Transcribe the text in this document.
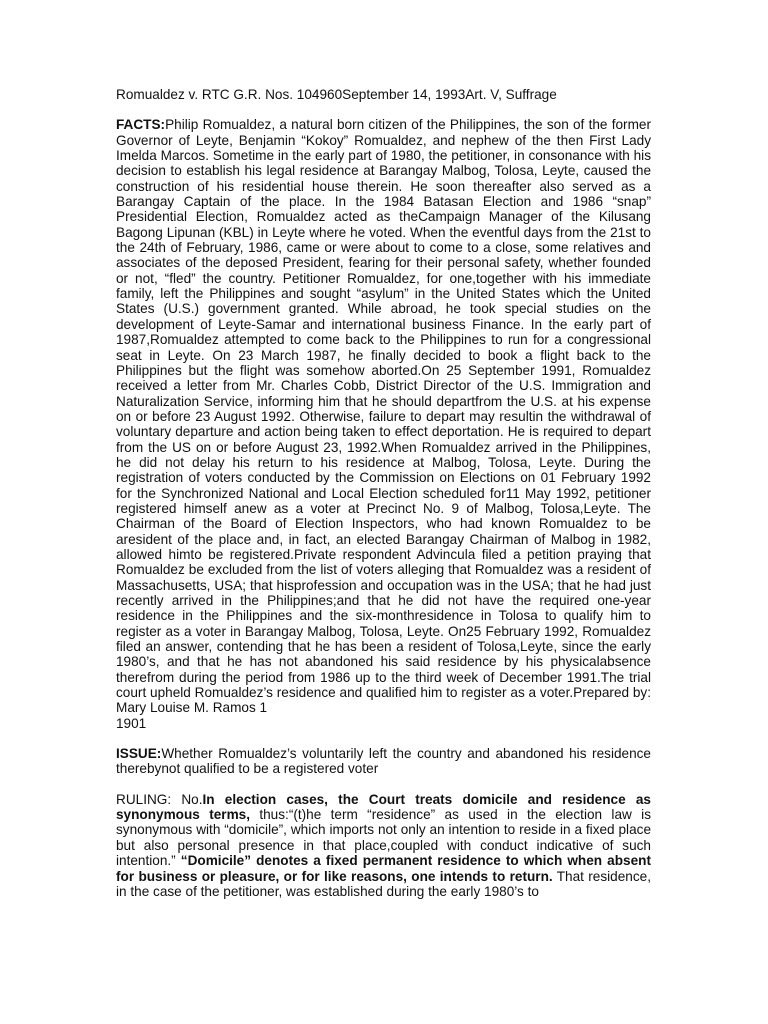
Romualdez v. RTC G.R. Nos. 104960September 14, 1993Art. V, Suffrage

FACTS:Philip Romualdez, a natural born citizen of the Philippines, the son of the former Governor of Leyte, Benjamin “Kokoy” Romualdez, and nephew of the then First Lady Imelda Marcos. Sometime in the early part of 1980, the petitioner, in consonance with his decision to establish his legal residence at Barangay Malbog, Tolosa, Leyte, caused the construction of his residential house therein. He soon thereafter also served as a Barangay Captain of the place. In the 1984 Batasan Election and 1986 “snap” Presidential Election, Romualdez acted as theCampaign Manager of the Kilusang Bagong Lipunan (KBL) in Leyte where he voted. When the eventful days from the 21st to the 24th of February, 1986, came or were about to come to a close, some relatives and associates of the deposed President, fearing for their personal safety, whether founded or not, “fled” the country. Petitioner Romualdez, for one,together with his immediate family, left the Philippines and sought “asylum” in the United States which the United States (U.S.) government granted. While abroad, he took special studies on the development of Leyte-Samar and international business Finance. In the early part of 1987,Romualdez attempted to come back to the Philippines to run for a congressional seat in Leyte. On 23 March 1987, he finally decided to book a flight back to the Philippines but the flight was somehow aborted.On 25 September 1991, Romualdez received a letter from Mr. Charles Cobb, District Director of the U.S. Immigration and Naturalization Service, informing him that he should departfrom the U.S. at his expense on or before 23 August 1992. Otherwise, failure to depart may resultin the withdrawal of voluntary departure and action being taken to effect deportation. He is required to depart from the US on or before August 23, 1992.When Romualdez arrived in the Philippines, he did not delay his return to his residence at Malbog, Tolosa, Leyte. During the registration of voters conducted by the Commission on Elections on 01 February 1992 for the Synchronized National and Local Election scheduled for11 May 1992, petitioner registered himself anew as a voter at Precinct No. 9 of Malbog, Tolosa,Leyte. The Chairman of the Board of Election Inspectors, who had known Romualdez to be aresident of the place and, in fact, an elected Barangay Chairman of Malbog in 1982, allowed himto be registered.Private respondent Advincula filed a petition praying that Romualdez be excluded from the list of voters alleging that Romualdez was a resident of Massachusetts, USA; that hisprofession and occupation was in the USA; that he had just recently arrived in the Philippines;and that he did not have the required one-year residence in the Philippines and the six-monthresidence in Tolosa to qualify him to register as a voter in Barangay Malbog, Tolosa, Leyte. On25 February 1992, Romualdez filed an answer, contending that he has been a resident of Tolosa,Leyte, since the early 1980’s, and that he has not abandoned his said residence by his physicalabsence therefrom during the period from 1986 up to the third week of December 1991.The trial court upheld Romualdez’s residence and qualified him to register as a voter.Prepared by: Mary Louise M. Ramos 1

1901

ISSUE:Whether Romualdez’s voluntarily left the country and abandoned his residence therebynot qualified to be a registered voter

RULING: No.In election cases, the Court treats domicile and residence as synonymous terms, thus:“(t)he term “residence” as used in the election law is synonymous with “domicile”, which imports not only an intention to reside in a fixed place but also personal presence in that place,coupled with conduct indicative of such intention.” “Domicile” denotes a fixed permanent residence to which when absent for business or pleasure, or for like reasons, one intends to return. That residence, in the case of the petitioner, was established during the early 1980’s to
